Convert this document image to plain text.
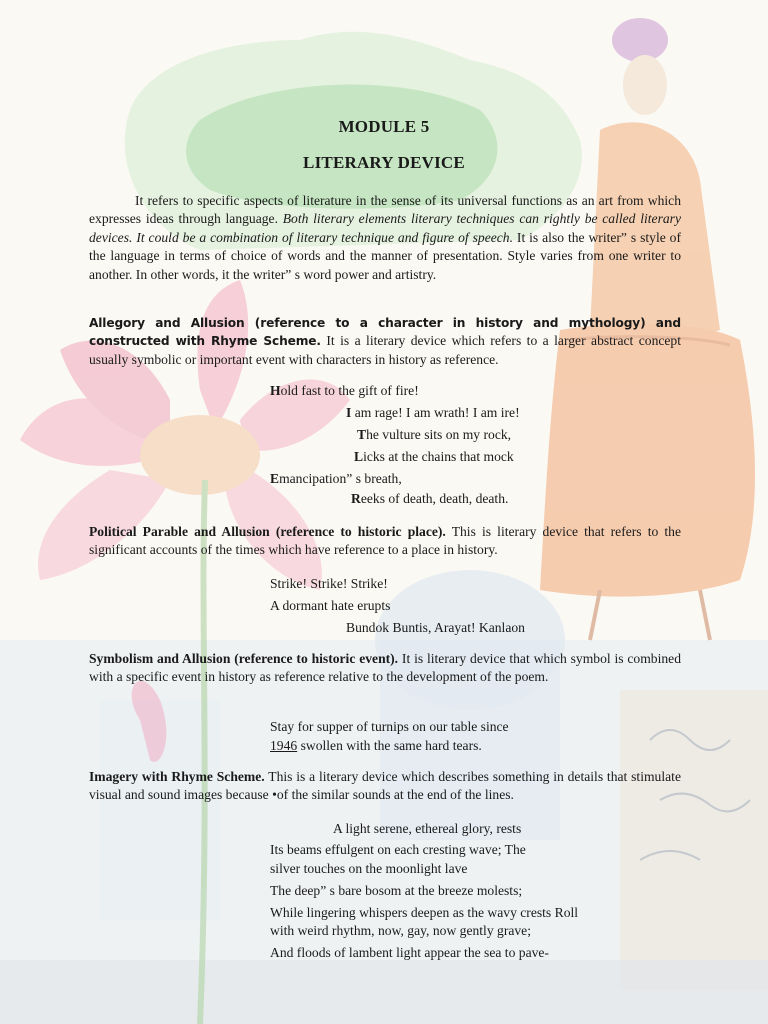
MODULE 5
LITERARY DEVICE

It refers to specific aspects of literature in the sense of its universal functions as an art from which expresses ideas through language. Both literary elements literary techniques can rightly be called literary devices. It could be a combination of literary technique and figure of speech. It is also the writer” s style of the language in terms of choice of words and the manner of presentation. Style varies from one writer to another. In other words, it the writer” s word power and artistry.

Allegory and Allusion (reference to a character in history and mythology) and constructed with Rhyme Scheme. It is a literary device which refers to a larger abstract concept usually symbolic or important event with characters in history as reference.

Hold fast to the gift of fire!

I am rage! I am wrath! I am ire!

The vulture sits on my rock,

Licks at the chains that mock

Emancipation” s breath,

Reeks of death, death, death.

Political Parable and Allusion (reference to historic place). This is literary device that refers to the significant accounts of the times which have reference to a place in history.

Strike! Strike! Strike!

A dormant hate erupts

Bundok Buntis, Arayat! Kanlaon

Symbolism and Allusion (reference to historic event). It is literary device that which symbol is combined with a specific event in history as reference relative to the development of the poem.

Stay for supper of turnips on our table since

1946 swollen with the same hard tears.

Imagery with Rhyme Scheme. This is a literary device which describes something in details that stimulate visual and sound images because •of the similar sounds at the end of the lines.

A light serene, ethereal glory, rests

Its beams effulgent on each cresting wave; The

silver touches on the moonlight lave

The deep” s bare bosom at the breeze molests;

While lingering whispers deepen as the wavy crests Roll

with weird rhythm, now, gay, now gently grave;

And floods of lambent light appear the sea to pave-
